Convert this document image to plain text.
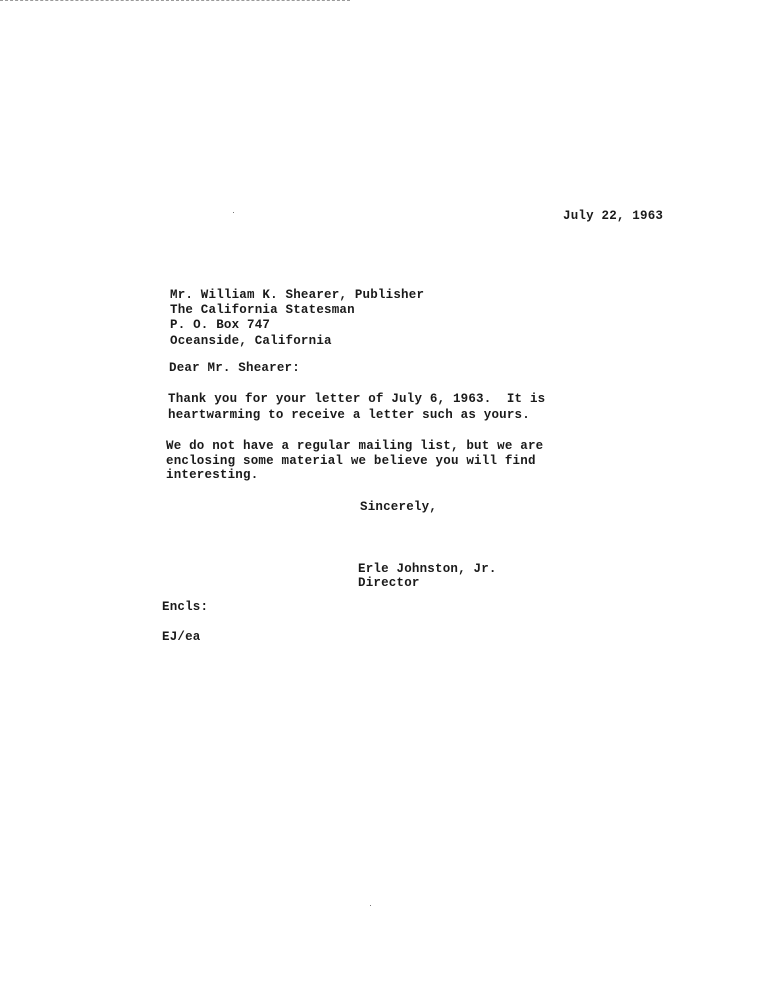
July 22, 1963
Mr. William K. Shearer, Publisher
The California Statesman
P. O. Box 747
Oceanside, California
Dear Mr. Shearer:
Thank you for your letter of July 6, 1963.  It is
heartwarming to receive a letter such as yours.
We do not have a regular mailing list, but we are
enclosing some material we believe you will find
interesting.
Sincerely,
Erle Johnston, Jr.
Director
Encls:
EJ/ea
